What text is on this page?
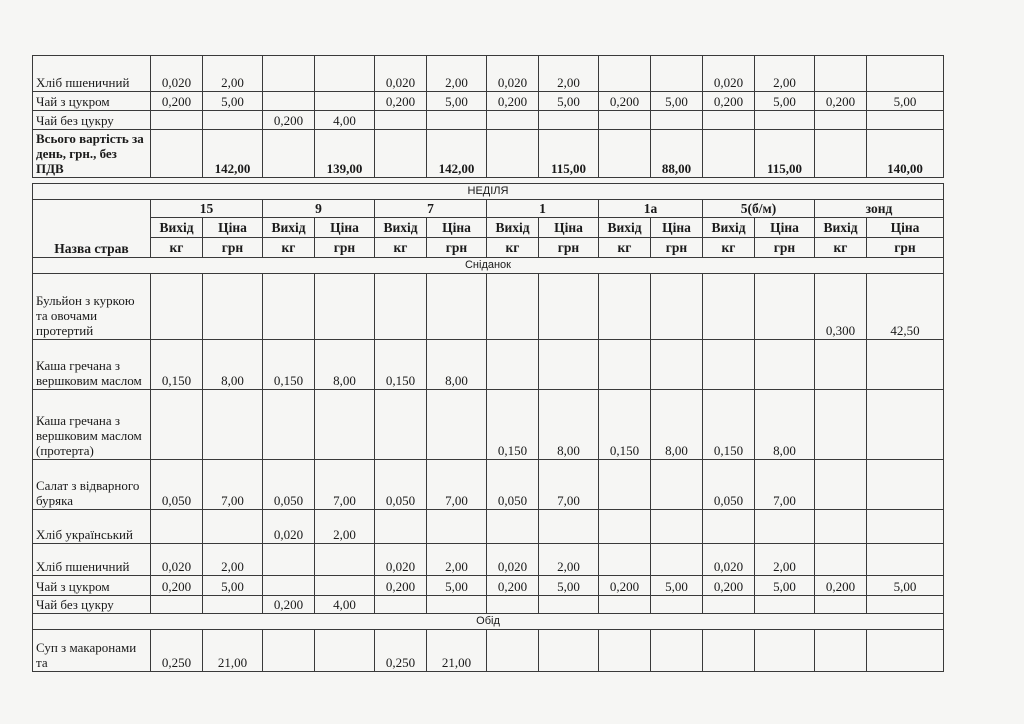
Хліб пшеничний	0,020	2,00			0,020	2,00	0,020	2,00			0,020	2,00		
Чай з цукром	0,200	5,00			0,200	5,00	0,200	5,00	0,200	5,00	0,200	5,00	0,200	5,00
Чай без цукру			0,200	4,00										
Всього вартість за день, грн., без ПДВ		142,00		139,00		142,00		115,00		88,00		115,00		140,00
НЕДІЛЯ														
Назва страв	15		9		7		1		1а		5(б/м)		зонд	
	Вихід	Ціна	Вихід	Ціна	Вихід	Ціна	Вихід	Ціна	Вихід	Ціна	Вихід	Ціна	Вихід	Ціна
	кг	грн	кг	грн	кг	грн	кг	грн	кг	грн	кг	грн	кг	грн
Сніданок														
Бульйон з куркою та овочами протертий													0,300	42,50
Каша гречана з вершковим маслом	0,150	8,00	0,150	8,00	0,150	8,00								
Каша гречана з вершковим маслом (протерта)							0,150	8,00	0,150	8,00	0,150	8,00		
Салат з відварного буряка	0,050	7,00	0,050	7,00	0,050	7,00	0,050	7,00			0,050	7,00		
Хліб український			0,020	2,00										
Хліб пшеничний	0,020	2,00			0,020	2,00	0,020	2,00			0,020	2,00		
Чай з цукром	0,200	5,00			0,200	5,00	0,200	5,00	0,200	5,00	0,200	5,00	0,200	5,00
Чай без цукру			0,200	4,00										
Обід														
Суп з макаронами та	0,250	21,00			0,250	21,00								
